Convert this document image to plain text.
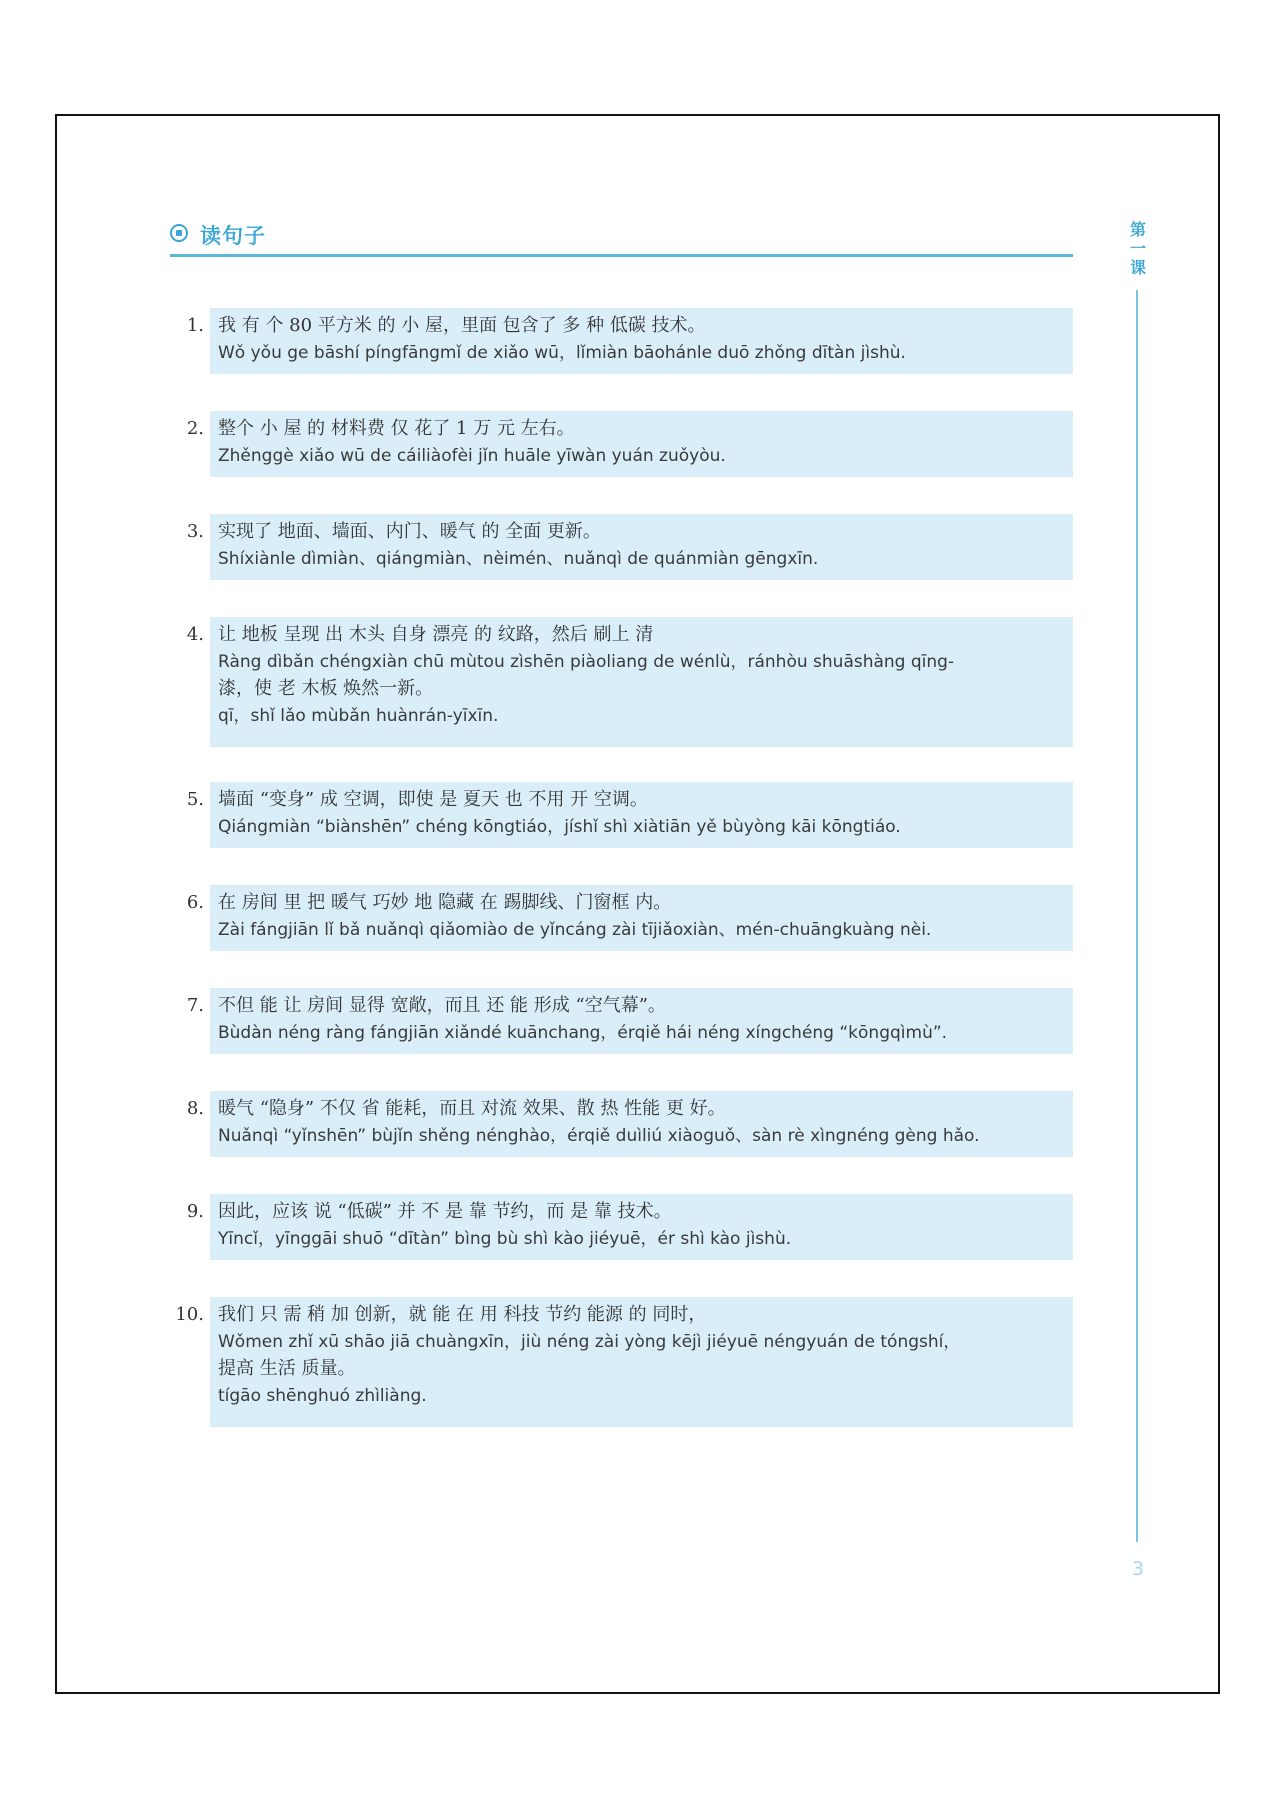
读句子	第一课
3
1. 我 有 个 80 平方米 的 小 屋，里面 包含了 多 种 低碳 技术。
Wǒ yǒu ge bāshí píngfāngmǐ de xiǎo wū，lǐmiàn bāohánle duō zhǒng dītàn jìshù.
2. 整个 小 屋 的 材料费 仅 花了 1 万 元 左右。
Zhěnggè xiǎo wū de cáiliàofèi jǐn huāle yīwàn yuán zuǒyòu.
3. 实现了 地面、墙面、内门、暖气 的 全面 更新。
Shíxiànle dìmiàn、qiángmiàn、nèimén、nuǎnqì de quánmiàn gēngxīn.
4. 让 地板 呈现 出 木头 自身 漂亮 的 纹路，然后 刷上 清
Ràng dìbǎn chéngxiàn chū mùtou zìshēn piàoliang de wénlù，ránhòu shuāshàng qīng-
漆，使 老 木板 焕然一新。
qī，shǐ lǎo mùbǎn huànrán-yīxīn.
5. 墙面 “变身” 成 空调，即使 是 夏天 也 不用 开 空调。
Qiángmiàn “biànshēn” chéng kōngtiáo，jíshǐ shì xiàtiān yě bùyòng kāi kōngtiáo.
6. 在 房间 里 把 暖气 巧妙 地 隐藏 在 踢脚线、门窗框 内。
Zài fángjiān lǐ bǎ nuǎnqì qiǎomiào de yǐncáng zài tījiǎoxiàn、mén-chuāngkuàng nèi.
7. 不但 能 让 房间 显得 宽敞，而且 还 能 形成 “空气幕”。
Bùdàn néng ràng fángjiān xiǎndé kuānchang，érqiě hái néng xíngchéng “kōngqìmù”.
8. 暖气 “隐身” 不仅 省 能耗，而且 对流 效果、散 热 性能 更 好。
Nuǎnqì “yǐnshēn” bùjǐn shěng nénghào，érqiě duìliú xiàoguǒ、sàn rè xìngnéng gèng hǎo.
9. 因此，应该 说 “低碳” 并 不 是 靠 节约，而 是 靠 技术。
Yīncǐ，yīnggāi shuō “dītàn” bìng bù shì kào jiéyuē，ér shì kào jìshù.
10. 我们 只 需 稍 加 创新，就 能 在 用 科技 节约 能源 的 同时，
Wǒmen zhǐ xū shāo jiā chuàngxīn，jiù néng zài yòng kējì jiéyuē néngyuán de tóngshí，
提高 生活 质量。
tígāo shēnghuó zhìliàng.
